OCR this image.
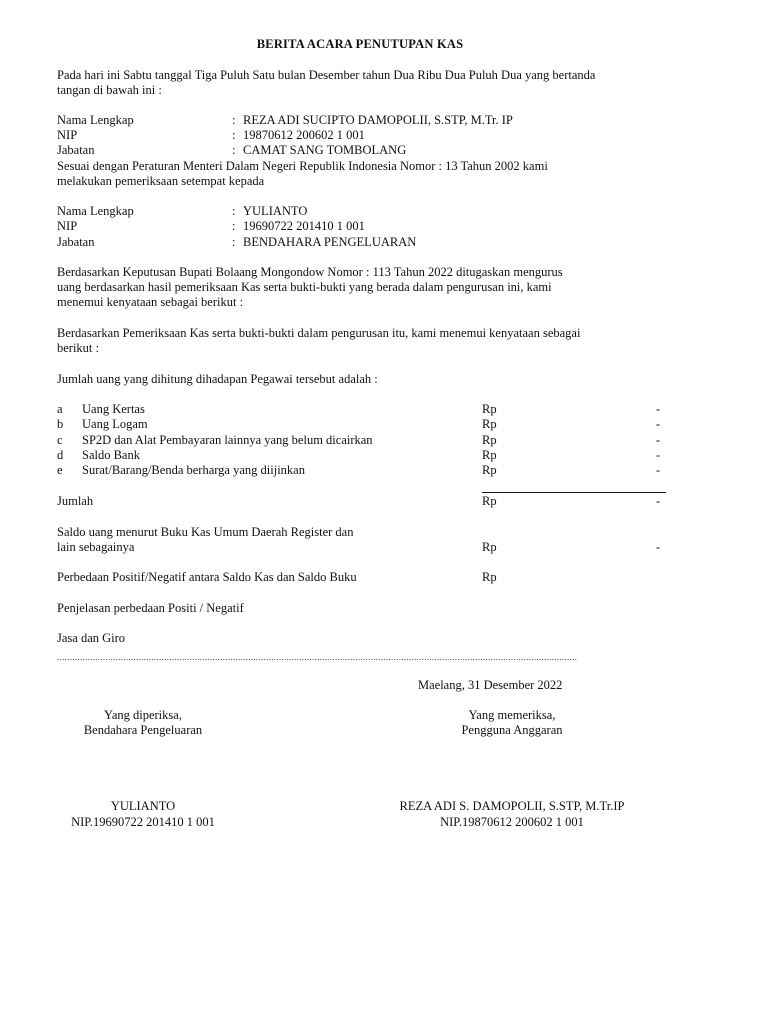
BERITA ACARA PENUTUPAN KAS
Pada hari ini Sabtu tanggal Tiga Puluh Satu bulan Desember tahun Dua Ribu Dua Puluh Dua yang bertanda
tangan di bawah ini :
Nama Lengkap	: REZA ADI SUCIPTO DAMOPOLII, S.STP, M.Tr. IP
NIP	: 19870612 200602 1 001
Jabatan	: CAMAT SANG TOMBOLANG
Sesuai dengan Peraturan Menteri Dalam Negeri Republik Indonesia Nomor : 13 Tahun 2002 kami
melakukan pemeriksaan setempat kepada
Nama Lengkap	: YULIANTO
NIP	: 19690722 201410 1 001
Jabatan	: BENDAHARA PENGELUARAN
Berdasarkan Keputusan Bupati Bolaang Mongondow Nomor : 113 Tahun 2022 ditugaskan mengurus
uang berdasarkan hasil pemeriksaan Kas serta bukti-bukti yang berada dalam pengurusan ini, kami
menemui kenyataan sebagai berikut :
Berdasarkan Pemeriksaan Kas serta bukti-bukti dalam pengurusan itu, kami menemui kenyataan sebagai
berikut :
Jumlah uang yang dihitung dihadapan Pegawai tersebut adalah :
a Uang Kertas	Rp	-
b Uang Logam	Rp	-
c SP2D dan Alat Pembayaran lainnya yang belum dicairkan	Rp	-
d Saldo Bank	Rp	-
e Surat/Barang/Benda berharga yang diijinkan	Rp	-
Jumlah	Rp	-
Saldo uang menurut Buku Kas Umum Daerah Register dan
lain sebagainya	Rp	-
Perbedaan Positif/Negatif antara Saldo Kas dan Saldo Buku	Rp
Penjelasan perbedaan Positi / Negatif
Jasa dan Giro
............................................................................................................................................................................................................
Maelang, 31 Desember 2022
Yang diperiksa,
Bendahara Pengeluaran
YULIANTO
NIP.19690722 201410 1 001
Yang memeriksa,
Pengguna Anggaran
REZA ADI S. DAMOPOLII, S.STP, M.Tr.IP
NIP.19870612 200602 1 001
